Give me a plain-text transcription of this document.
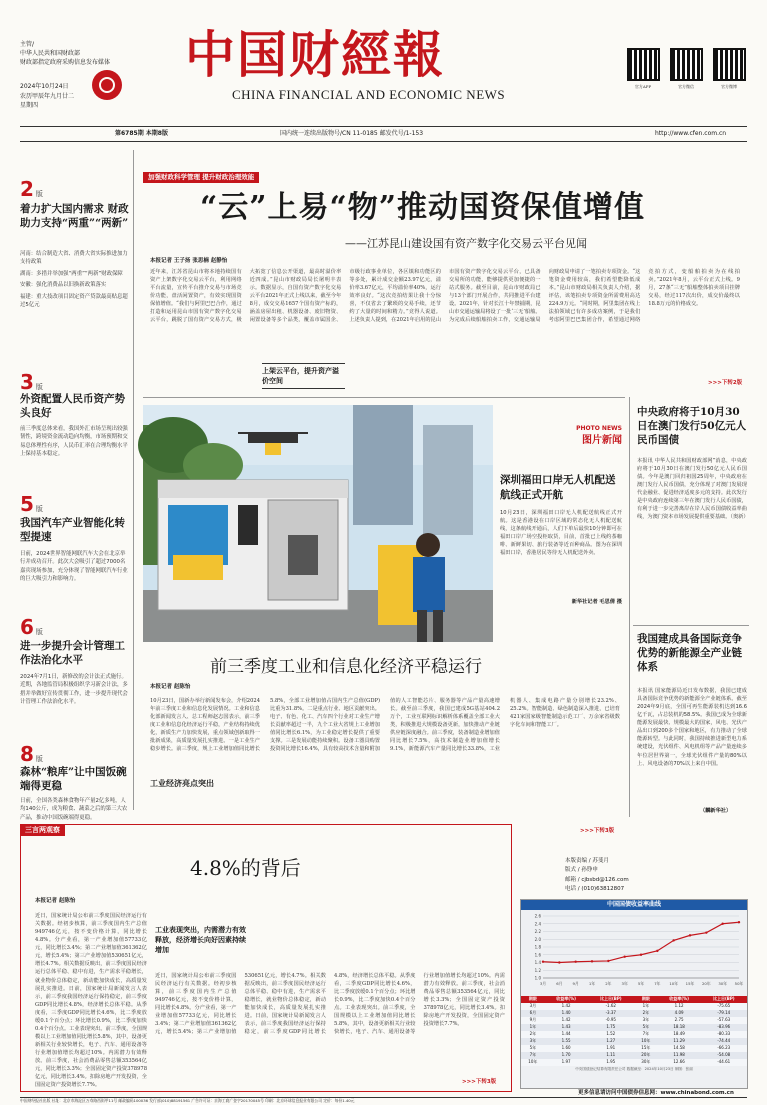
主管/
中华人民共和国财政部
财政部指定政府采购信息发布媒体
2024年10月24日
农历甲辰年九月廿二
星期四
中国财經報
CHINA FINANCIAL AND ECONOMIC NEWS
官方APP	官方微信	官方微博
第6785期 本期8版	国内统一连续出版物号/CN 11-0185 邮发代号/1-153	http://www.cfen.com.cn
2 版
着力扩大国内需求 财政助力支持“两重”“两新”
河南：结合制造大省、消费大省实际推进加力支持政策
湖南：多措并举加强“两重”“两新”财政保障
安徽：强化消费品以旧换新政策落实
福建：重大技改项目固定资产贷款最高贴息超过5亿元
3 版
外资配置人民币资产势头良好
前三季度总体来看，我国外汇市场呈现出较强韧性，跨境资金流动趋向均衡，市场预期和交易总体理性有序，人民币汇率在合理均衡水平上保持基本稳定。
5 版
我国汽车产业智能化转型提速
日前，2024世界智能网联汽车大会在北京举行并成功召开。此次大会吸引了超过7000名嘉宾现场参加，充分体现了智能网联汽车行业的巨大吸引力和影响力。
6 版
进一步提升会计管理工作法治化水平
2024年7月1日，新修改的会计法正式施行。近期，各地监管局积极组织学习新会计法，多措并举做好宣传贯彻工作，进一步提升现代会计管理工作法治化水平。
8 版
森林“粮库”让中国饭碗端得更稳
日前，全国各类森林食物年产量2亿多吨，人均140公斤，成为粮食、蔬菜之后的第三大农产品，推动中国饭碗端得更稳。
加强财政科学管理 提升财政治理效能
“云”上易“物”推动国资保值增值
——江苏昆山建设国有资产数字化交易云平台见闻
本报记者 王子扬 张思楠 赵静怡
近年来，江苏省昆山市将本地持续国有资产上架数字化交易云平台，利用网络平台流量，宣传平台推介交易与市场竞价功能，盘活闲置资产，有效实现国资保值增值。“我们与阿里巴巴合作，通过打造和运用昆山市国有资产数字化交易云平台，跳脱了国有资产交易方式，极大拓宽了信息公开渠道，最高时溢价率近四成。”昆山市财政局局长屠明丰表示。数据显示，自国有资产数字化交易云平台2021年正式上线以来，截至今年8月，成交交易1657个国有资产标的，涵盖房屋出租、机器设备、废旧物资、闲置设备等多个品类，覆盖市属国企、市级行政事业单位，各区镇和功能区的等多处，累计成交金额23.97亿元，溢价率3.67亿元，平均溢价率40%，运行效率良好。“这次竞拍结果让我十分惊喜，不仅省去了繁琐的交易手续，还节约了大量的时间和精力。”竞得人说道。上述负责人提到，在2021年启用的昆山市国有资产数字化交易云平台，已具备交易所的功能，能够提供更加便捷的一站式服务。截至目前，昆山市财政局已与13个部门开展合作，共同推进平台建设。2021年，针对长江十年禁捕期，昆山市交通运输局将设了一批‘三无’船舶。为完成后续船舶拍卖工作，交通运输局向财政局申请了一笔拍卖专项资金。“这笔资金费用较高，我们希望能降低成本。”昆山市财政局相关负责人介绍，据评估，该笔拍卖专项资金所需费用高达224.9万元。“同时期，阿里集团在线上法拍领域已有许多成功案例，于是我们考虑阿里巴巴集团合作，希望通过网络竞拍方式，变船舶拍卖为在线拍卖。”2021年8月，云平台正式上线。9月，27条“三无”船舶整体拍卖项目挂牌交易，经过117次出价，成交价最终以18.8万元的价格成交。
上架云平台，提升资产溢价空间	>>>下转2版
PHOTO NEWS
图片新闻
深圳福田口岸无人机配送航线正式开航
10月23日，深圳福田口岸无人机配送航线正式开航。这是香港设在口岸区域的常态化无人机配送航线，这条航线开通后，人们下单后最快10分钟即可在福田口岸广场空投柜取货，目前，首批已上线约茶咖啡、新鲜果切、旅行装备等近百种商品。图为在深圳福田口岸，香港居民等待无人机配送外卖。
新华社记者 毛思倩 摄
中央政府将于10月30日在澳门发行50亿元人民币国债
本报讯 中华人民共和国财政部网”消息，中央政府将于10月30日在澳门发行50亿元人民币国债。今年是澳门回归祖国25周年，中央政府在澳门发行人民币国债，充分体现了对澳门发展现代金融业、促进经济适度多元的支持。此次发行是中央政府连续第三年在澳门发行人民币国债，有利于进一步完善离岸在岸人民币国债收益率曲线，为澳门资本市场发展提供重要基础。（奥新）
我国建成具备国际竞争优势的新能源全产业链体系
本报讯 国家能源局近日发布数据，我国已建成具备国际竞争优势的新能源全产业链体系。截至2024年9月底，全国可再生能源装机达到16.6亿千瓦，占总装机的58.5%。我国已成为全球新能源发展最快、规模最大的国家，风电、光伏产品出口到200多个国家和地区，有力推动了全球能源转型。与此同时，我国持续推进新型电力系统建设，光伏组件、风电机组等产品产量连续多年位居世界第一，全球光伏组件产量的80%以上、风电设备的70%以上来自中国。
（麟新华社）
前三季度工业和信息化经济平稳运行
本报记者 赵陈怡
10月23日，国新办举行新闻发布会，介绍2024年前三季度工业和信息化发展情况。工业和信息化部新闻发言人、总工程师赵志国表示，前三季度工业和信息化经济运行平稳，产业结构持续优化，新质生产力加快发展，重点领域创新取得一批新成果，高质量发展扎实推进。一是工业生产稳步增长。前三季度，规上工业增加值同比增长5.8%，全部工业增加值占国内生产总值(GDP)比重为31.8%。二是重点行业、地区贡献突出。电子、有色、化工、汽车四个行业对工业生产增长贡献率超过一半，九个工业大省规上工业增加值同比增长6.1%，为工业稳定增长提供了重要支撑。三是发展动能持续聚积。设备工器具购置投资同比增长16.4%，具有较高技术含量和附加值的人工智能芯片、服务器等产品产量高速增长。截至前三季度，我国已建成5G基站404.2万个，工业互联网标识解析体系覆盖全部工业大类，积极推进大规模设备更新，加快推动产业链供应链深度融合。前三季度，装备制造业增加值同比增长7.5%，高技术制造业增加值增长9.1%，新能源汽车产量同比增长33.8%，工业机器人、集成电路产量分别增长23.2%、25.2%。智能制造、绿色制造深入推进，已培育421家国家级智能制造示范工厂、万余家省级数字化车间和智能工厂。
工业经济亮点突出
>>>下转3版
三言两观察
4.8%的背后
本报记者 赵陈怡
工业表现突出，内需潜力有效释放，经济增长向好因素持续增加
近日，国家统计局公布前三季度国民经济运行有关数据。经初步核算，前三季度国内生产总值949746亿元，按不变价格计算，同比增长4.8%。分产业看，第一产业增加值57733亿元，同比增长3.4%；第二产业增加值361362亿元，增长5.4%；第三产业增加值530651亿元，增长4.7%。相关数据反映出，前三季度国民经济运行总体平稳、稳中有进，生产需求平稳增长，就业物价总体稳定，新动能加快成长，高质量发展扎实推进。日前，国家统计局新闻发言人表示，前三季度我国经济运行保持稳定，前三季度GDP同比增长4.8%，经济增长总体平稳。从季度看，三季度GDP同比增长4.6%，比二季度放缓0.1个百分点；环比增长0.9%，比二季度加快0.4个百分点。工业表现突出。前三季度，全国规模以上工业增加值同比增长5.8%，其中，设备更新相关行业较快增长，电子、汽车、通用设备等行业增加值增长均超过10%。内需潜力有效释放。前三季度，社会消费品零售总额353564亿元，同比增长3.3%；全国固定资产投资378978亿元，同比增长3.4%。扣除房地产开发投资，全国固定资产投资增长7.7%。
近日，国家统计局公布前三季度国民经济运行有关数据。经初步核算，前三季度国内生产总值949746亿元，按不变价格计算，同比增长4.8%。分产业看，第一产业增加值57733亿元，同比增长3.4%；第二产业增加值361362亿元，增长5.4%；第三产业增加值530651亿元，增长4.7%。相关数据反映出，前三季度国民经济运行总体平稳、稳中有进，生产需求平稳增长，就业物价总体稳定，新动能加快成长，高质量发展扎实推进。日前，国家统计局新闻发言人表示，前三季度我国经济运行保持稳定，前三季度GDP同比增长4.8%，经济增长总体平稳。从季度看，三季度GDP同比增长4.6%，比二季度放缓0.1个百分点；环比增长0.9%，比二季度加快0.4个百分点。工业表现突出。前三季度，全国规模以上工业增加值同比增长5.8%，其中，设备更新相关行业较快增长，电子、汽车、通用设备等行业增加值增长均超过10%。内需潜力有效释放。前三季度，社会消费品零售总额353564亿元，同比增长3.3%；全国固定资产投资378978亿元，同比增长3.4%。扣除房地产开发投资，全国固定资产投资增长7.7%。
>>>下转3版
本版责编 / 苏斐月
版式 / 孙铮申
邮箱 / cjbsbd@126.com
电话 / (010)63812807
中国国债收益率曲线
2.6
2.4
2.2
2.0
1.8
1.6
1.4
1.2
1.0
3月	6月	9月	1年	2年	3年	5年	7年 10年 15年 20年 30年 50年
期限	收益率(%)	比上日(BP)	期限	收益率(%)	比上日(BP)
3月	1.42	-1.62	1年	1.12	-75.65
6月	1.40	-3.37	2年	4.09	-79.14
9月	1.42	-0.95	3年	2.75	-57.63
1年	1.43	1.75	5年	18.18	-83.96
2年	1.44	1.52	7年	18.49	-80.33
3年	1.55	1.27	10年	11.29	-74.44
5年	1.60	1.91	15年	14.58	-66.23
7年	1.70	1.11	20年	11.98	-54.08
10年	1.97	1.95	30年	12.66	-44.61
中央国债登记结算有限责任公司 数据截至：2024年10月23日 制图：张丽
更多信息请访问中国债券信息网：www.chinabond.com.cn
中国财经报社出版 社址：北京市海淀区万寿路西街甲11号 邮政编码100036 发行部(010)88191561 广告许可证：京海工商广登字20170045号 印刷：北京环球信息报业有限公司 定价：每份1.40元
